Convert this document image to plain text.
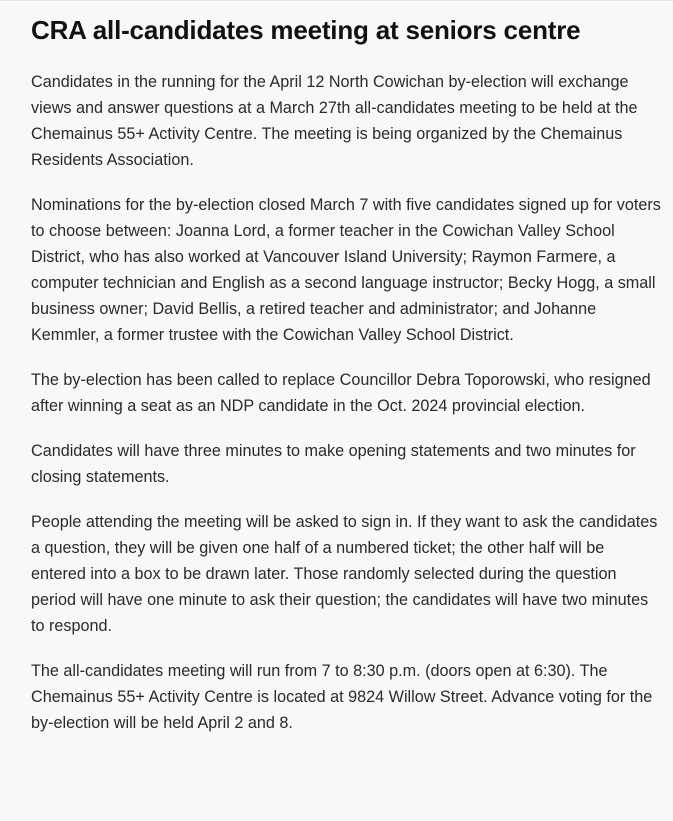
CRA all-candidates meeting at seniors centre

Candidates in the running for the April 12 North Cowichan by-election will exchange views and answer questions at a March 27th all-candidates meeting to be held at the Chemainus 55+ Activity Centre. The meeting is being organized by the Chemainus Residents Association.

Nominations for the by-election closed March 7 with five candidates signed up for voters to choose between: Joanna Lord, a former teacher in the Cowichan Valley School District, who has also worked at Vancouver Island University; Raymon Farmere, a computer technician and English as a second language instructor; Becky Hogg, a small business owner; David Bellis, a retired teacher and administrator; and Johanne Kemmler, a former trustee with the Cowichan Valley School District.

The by-election has been called to replace Councillor Debra Toporowski, who resigned after winning a seat as an NDP candidate in the Oct. 2024 provincial election.

Candidates will have three minutes to make opening statements and two minutes for closing statements.

People attending the meeting will be asked to sign in. If they want to ask the candidates a question, they will be given one half of a numbered ticket; the other half will be entered into a box to be drawn later. Those randomly selected during the question period will have one minute to ask their question; the candidates will have two minutes to respond.

The all-candidates meeting will run from 7 to 8:30 p.m. (doors open at 6:30). The Chemainus 55+ Activity Centre is located at 9824 Willow Street. Advance voting for the by-election will be held April 2 and 8.
